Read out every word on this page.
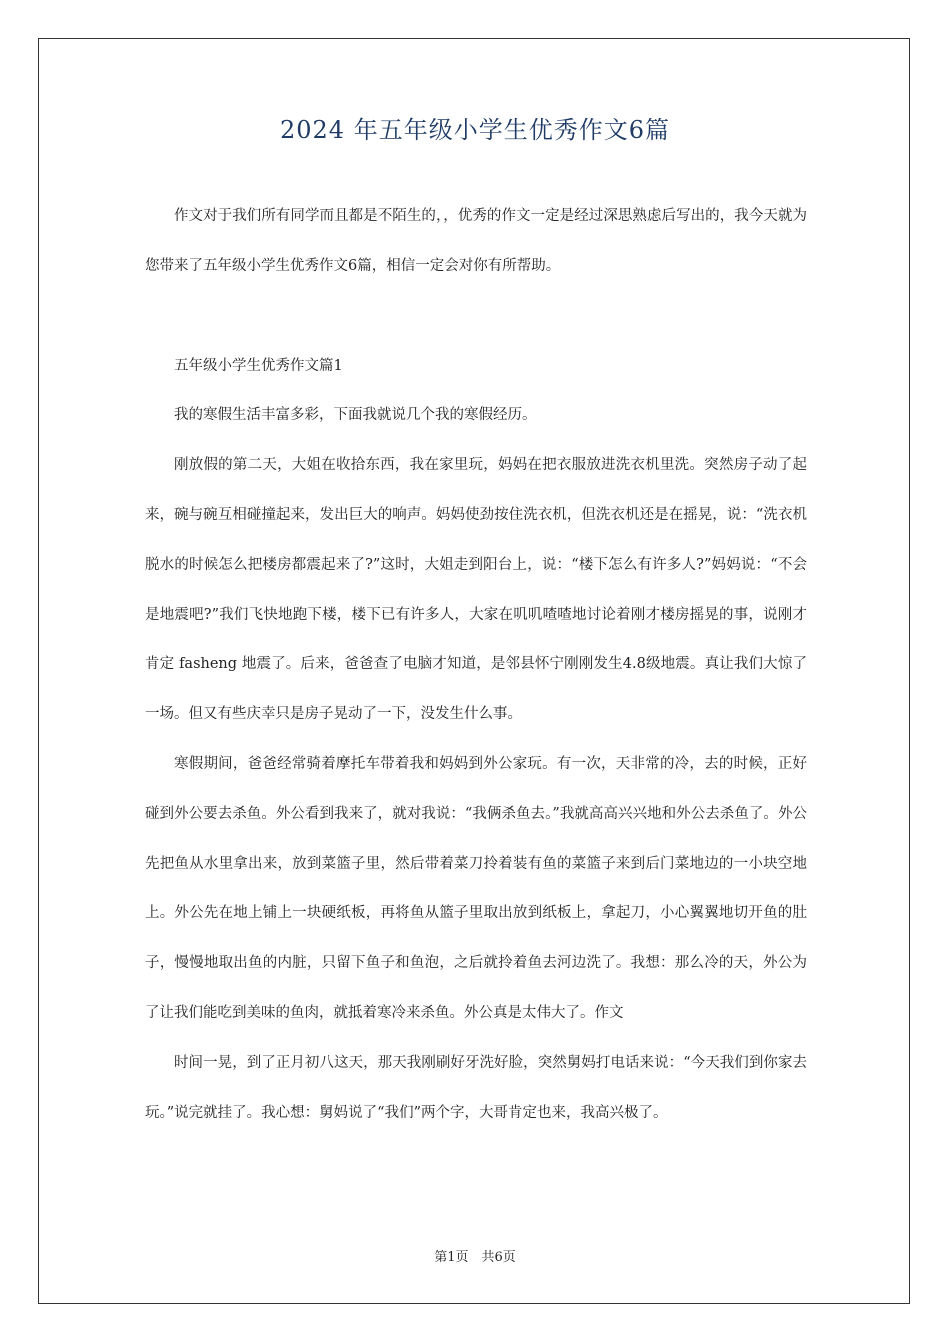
2024 年五年级小学生优秀作文6篇

作文对于我们所有同学而且都是不陌生的，，优秀的作文一定是经过深思熟虑后写出的，我今天就为您带来了五年级小学生优秀作文6篇，相信一定会对你有所帮助。

五年级小学生优秀作文篇1

我的寒假生活丰富多彩，下面我就说几个我的寒假经历。

刚放假的第二天，大姐在收拾东西，我在家里玩，妈妈在把衣服放进洗衣机里洗。突然房子动了起来，碗与碗互相碰撞起来，发出巨大的响声。妈妈使劲按住洗衣机，但洗衣机还是在摇晃，说：“洗衣机脱水的时候怎么把楼房都震起来了?”这时，大姐走到阳台上，说：“楼下怎么有许多人?”妈妈说：“不会是地震吧?”我们飞快地跑下楼，楼下已有许多人，大家在叽叽喳喳地讨论着刚才楼房摇晃的事，说刚才肯定 fasheng 地震了。后来，爸爸查了电脑才知道，是邻县怀宁刚刚发生4.8级地震。真让我们大惊了一场。但又有些庆幸只是房子晃动了一下，没发生什么事。

寒假期间，爸爸经常骑着摩托车带着我和妈妈到外公家玩。有一次，天非常的冷，去的时候，正好碰到外公要去杀鱼。外公看到我来了，就对我说：“我俩杀鱼去。”我就高高兴兴地和外公去杀鱼了。外公先把鱼从水里拿出来，放到菜篮子里，然后带着菜刀拎着装有鱼的菜篮子来到后门菜地边的一小块空地上。外公先在地上铺上一块硬纸板，再将鱼从篮子里取出放到纸板上，拿起刀，小心翼翼地切开鱼的肚子，慢慢地取出鱼的内脏，只留下鱼子和鱼泡，之后就拎着鱼去河边洗了。我想：那么冷的天，外公为了让我们能吃到美味的鱼肉，就抵着寒冷来杀鱼。外公真是太伟大了。作文

时间一晃，到了正月初八这天，那天我刚刷好牙洗好脸，突然舅妈打电话来说：“今天我们到你家去玩。”说完就挂了。我心想：舅妈说了“我们”两个字，大哥肯定也来，我高兴极了。

第1页　共6页
